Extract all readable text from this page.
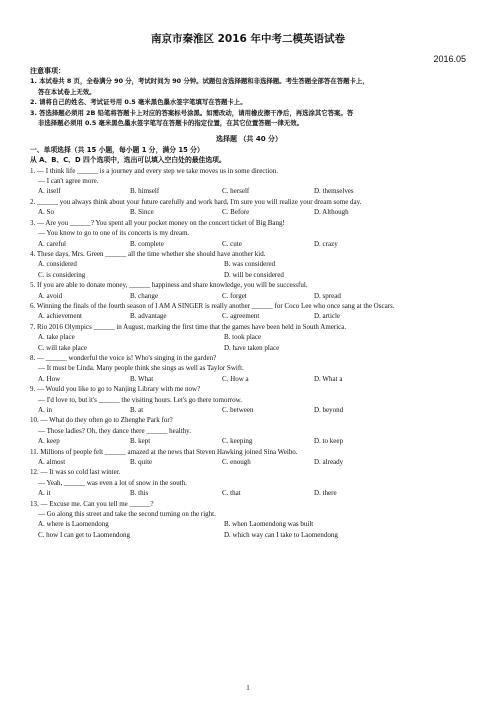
南京市秦淮区 2016 年中考二模英语试卷
2016.05
注意事项：
1. 本试卷共 8 页，全卷满分 90 分，考试时间为 90 分钟。试题包含选择题和非选择题。考生答题全部答在答题卡上，
答在本试卷上无效。
2. 请将自己的姓名、考试证号用 0.5 毫米黑色墨水签字笔填写在答题卡上。
3. 答选择题必须用 2B 铅笔将答题卡上对应的答案标号涂黑。如需改动，请用橡皮擦干净后，再选涂其它答案。答
非选择题必须用 0.5 毫米黑色墨水签字笔写在答题卡的指定位置，在其它位置答题一律无效。
选择题 （共 40 分）
一、单项选择（共 15 小题，每小题 1 分，满分 15 分）
从 A、B、C、D 四个选项中，选出可以填入空白处的最佳选项。
1. — I think life ______ is a journey and every step we take moves us in some direction.
— I can't agree more.
A. itself	B. himself	C. herself	D. themselves
2. ______ you always think about your future carefully and work hard, I'm sure you will realize your dream some day.
A. So	B. Since	C. Before	D. Although
3. — Are you ______? You spent all your pocket money on the concert ticket of Big Bang!
— You know to go to one of its concerts is my dream.
A. careful	B. complete	C. cute	D. crazy
4. These days, Mrs. Green ______ all the time whether she should have another kid.
A. considered	B. was considered
C. is considering	D. will be considered
5. If you are able to donate money, ______ happiness and share knowledge, you will be successful.
A. avoid	B. change	C. forget	D. spread
6. Winning the finals of the fourth season of I AM A SINGER is really another ______ for Coco Lee who once sang at the Oscars.
A. achievement	B. advantage	C. agreement	D. article
7. Rio 2016 Olympics ______ in August, marking the first time that the games have been held in South America.
A. take place	B. took place
C. will take place	D. have taken place
8. — ______ wonderful the voice is! Who's singing in the garden?
— It must be Linda. Many people think she sings as well as Taylor Swift.
A. How	B. What	C. How a	D. What a
9. — Would you like to go to Nanjing Library with me now?
— I'd love to, but it's ______ the visiting hours. Let's go there tomorrow.
A. in	B. at	C. between	D. beyond
10. — What do they often go to Zhenghe Park for?
— Those ladies? Oh, they dance there ______ healthy.
A. keep	B. kept	C. keeping	D. to keep
11. Millions of people felt ______ amazed at the news that Steven Hawking joined Sina Weibo.
A. almost	B. quite	C. enough	D. already
12. — It was so cold last winter.
— Yeah, ______ was even a lot of snow in the south.
A. it	B. this	C. that	D. there
13. — Excuse me. Can you tell me ______?
— Go along this street and take the second turning on the right.
A. where is Laomendong	B. when Laomendong was built
C. how I can get to Laomendong	D. which way can I take to Laomendong
1
